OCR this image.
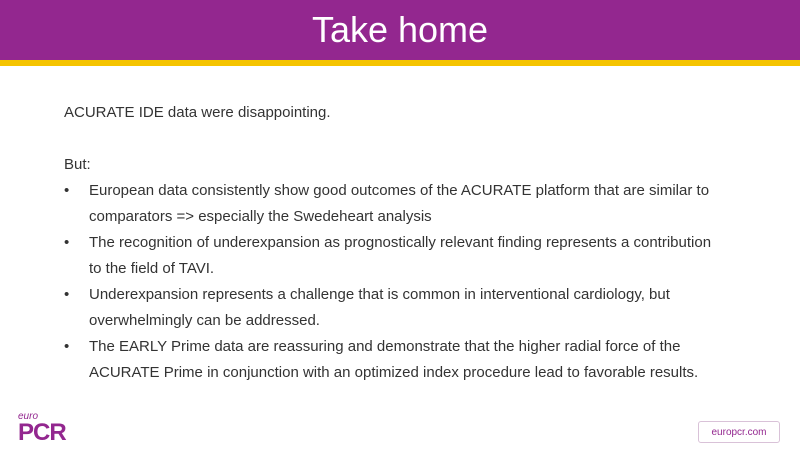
Take home

ACURATE IDE data were disappointing.

But:

•	European data consistently show good outcomes of the ACURATE platform that are similar to
comparators => especially the Swedeheart analysis
•	The recognition of underexpansion as prognostically relevant finding represents a contribution
to the field of TAVI.
•	Underexpansion represents a challenge that is common in interventional cardiology, but
overwhelmingly can be addressed.
•	The EARLY Prime data are reassuring and demonstrate that the higher radial force of the
ACURATE Prime in conjunction with an optimized index procedure lead to favorable results.
euro
PCR	europcr.com
